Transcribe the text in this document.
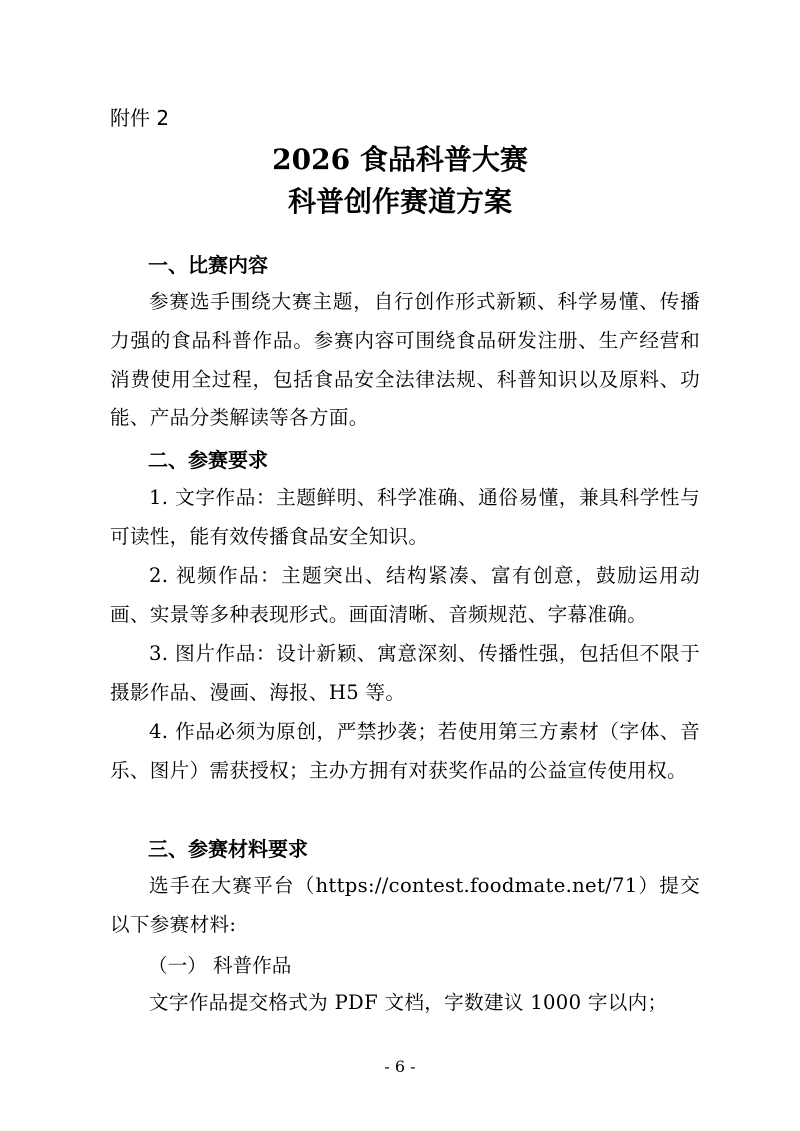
附件 2
2026 食品科普大赛
科普创作赛道方案
一、比赛内容
参赛选手围绕大赛主题，自行创作形式新颖、科学易懂、传播力强的食品科普作品。参赛内容可围绕食品研发注册、生产经营和消费使用全过程，包括食品安全法律法规、科普知识以及原料、功能、产品分类解读等各方面。
二、参赛要求
1. 文字作品：主题鲜明、科学准确、通俗易懂，兼具科学性与可读性，能有效传播食品安全知识。
2. 视频作品：主题突出、结构紧凑、富有创意，鼓励运用动画、实景等多种表现形式。画面清晰、音频规范、字幕准确。
3. 图片作品：设计新颖、寓意深刻、传播性强，包括但不限于摄影作品、漫画、海报、H5 等。
4. 作品必须为原创，严禁抄袭；若使用第三方素材（字体、音乐、图片）需获授权；主办方拥有对获奖作品的公益宣传使用权。
三、参赛材料要求
选手在大赛平台（https://contest.foodmate.net/71）提交以下参赛材料:
（一） 科普作品
文字作品提交格式为 PDF 文档，字数建议 1000 字以内；
- 6 -
